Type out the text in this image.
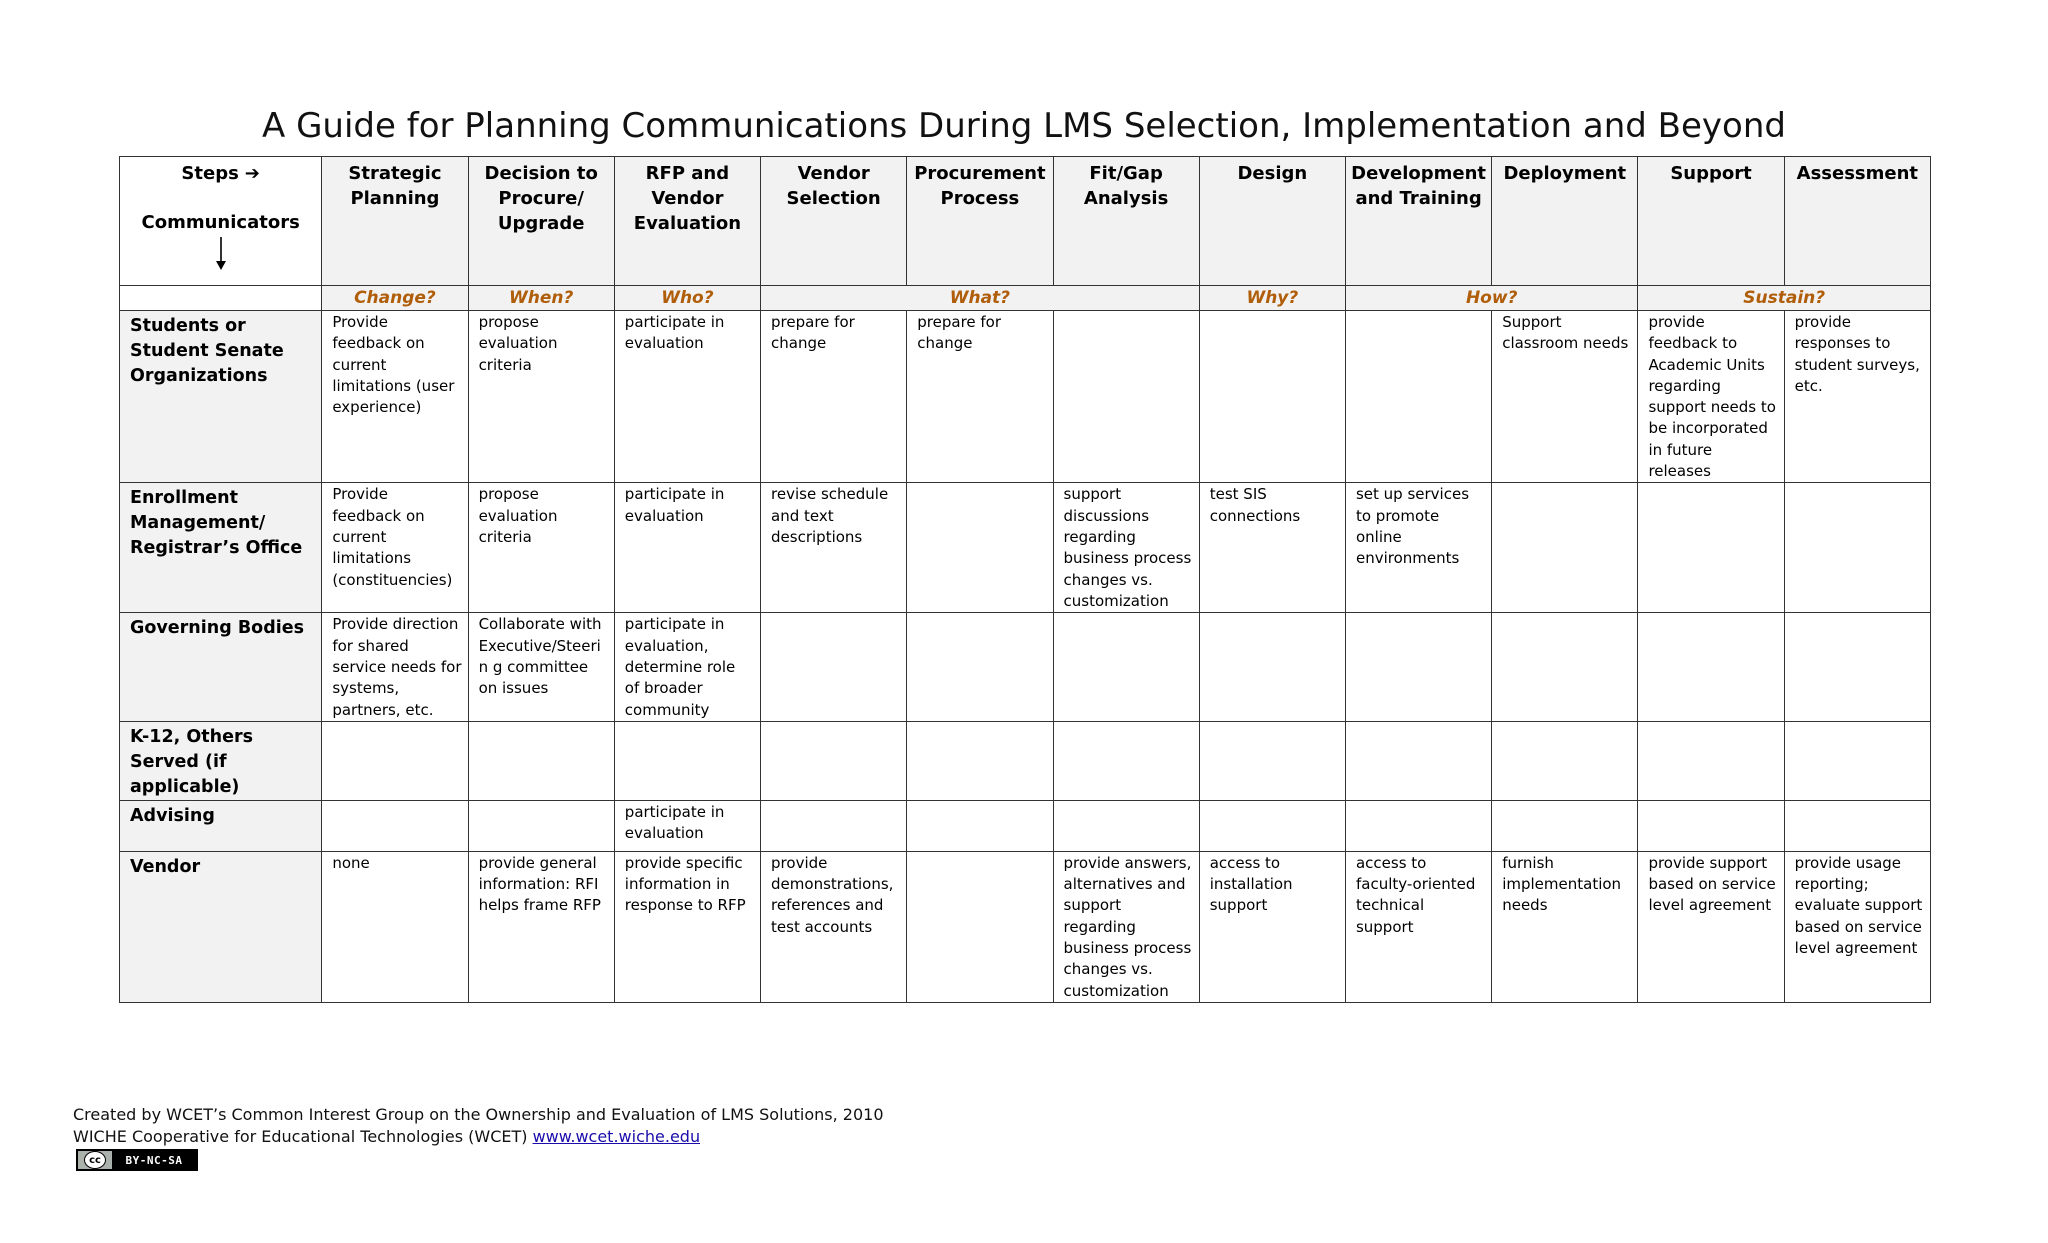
A Guide for Planning Communications During LMS Selection, Implementation and Beyond
Steps ➔
Communicators	Strategic Planning	Decision to Procure/ Upgrade	RFP and Vendor Evaluation	Vendor Selection	Procurement Process	Fit/Gap Analysis	Design	Development and Training	Deployment	Support	Assessment
	Change?	When?	Who?	What?			Why?	How?		Sustain?	
Students or Student Senate Organizations	Provide feedback on current limitations (user experience)	propose evaluation criteria	participate in evaluation	prepare for change	prepare for change				Support classroom needs	provide feedback to Academic Units regarding support needs to be incorporated in future releases	provide responses to student surveys, etc.
Enrollment Management/ Registrar’s Office	Provide feedback on current limitations (constituencies)	propose evaluation criteria	participate in evaluation	revise schedule and text descriptions		support discussions regarding business process changes vs. customization	test SIS connections	set up services to promote online environments			
Governing Bodies	Provide direction for shared service needs for systems, partners, etc.	Collaborate with Executive/Steerin g committee on issues	participate in evaluation, determine role of broader community								
K-12, Others Served (if applicable)											
Advising			participate in evaluation								
Vendor	none	provide general information: RFI helps frame RFP	provide specific information in response to RFP	provide demonstrations, references and test accounts		provide answers, alternatives and support regarding business process changes vs. customization	access to installation support	access to faculty-oriented technical support	furnish implementation needs	provide support based on service level agreement	provide usage reporting; evaluate support based on service level agreement
Created by WCET’s Common Interest Group on the Ownership and Evaluation of LMS Solutions, 2010
WICHE Cooperative for Educational Technologies (WCET) www.wcet.wiche.edu
cc	BY-NC-SA
